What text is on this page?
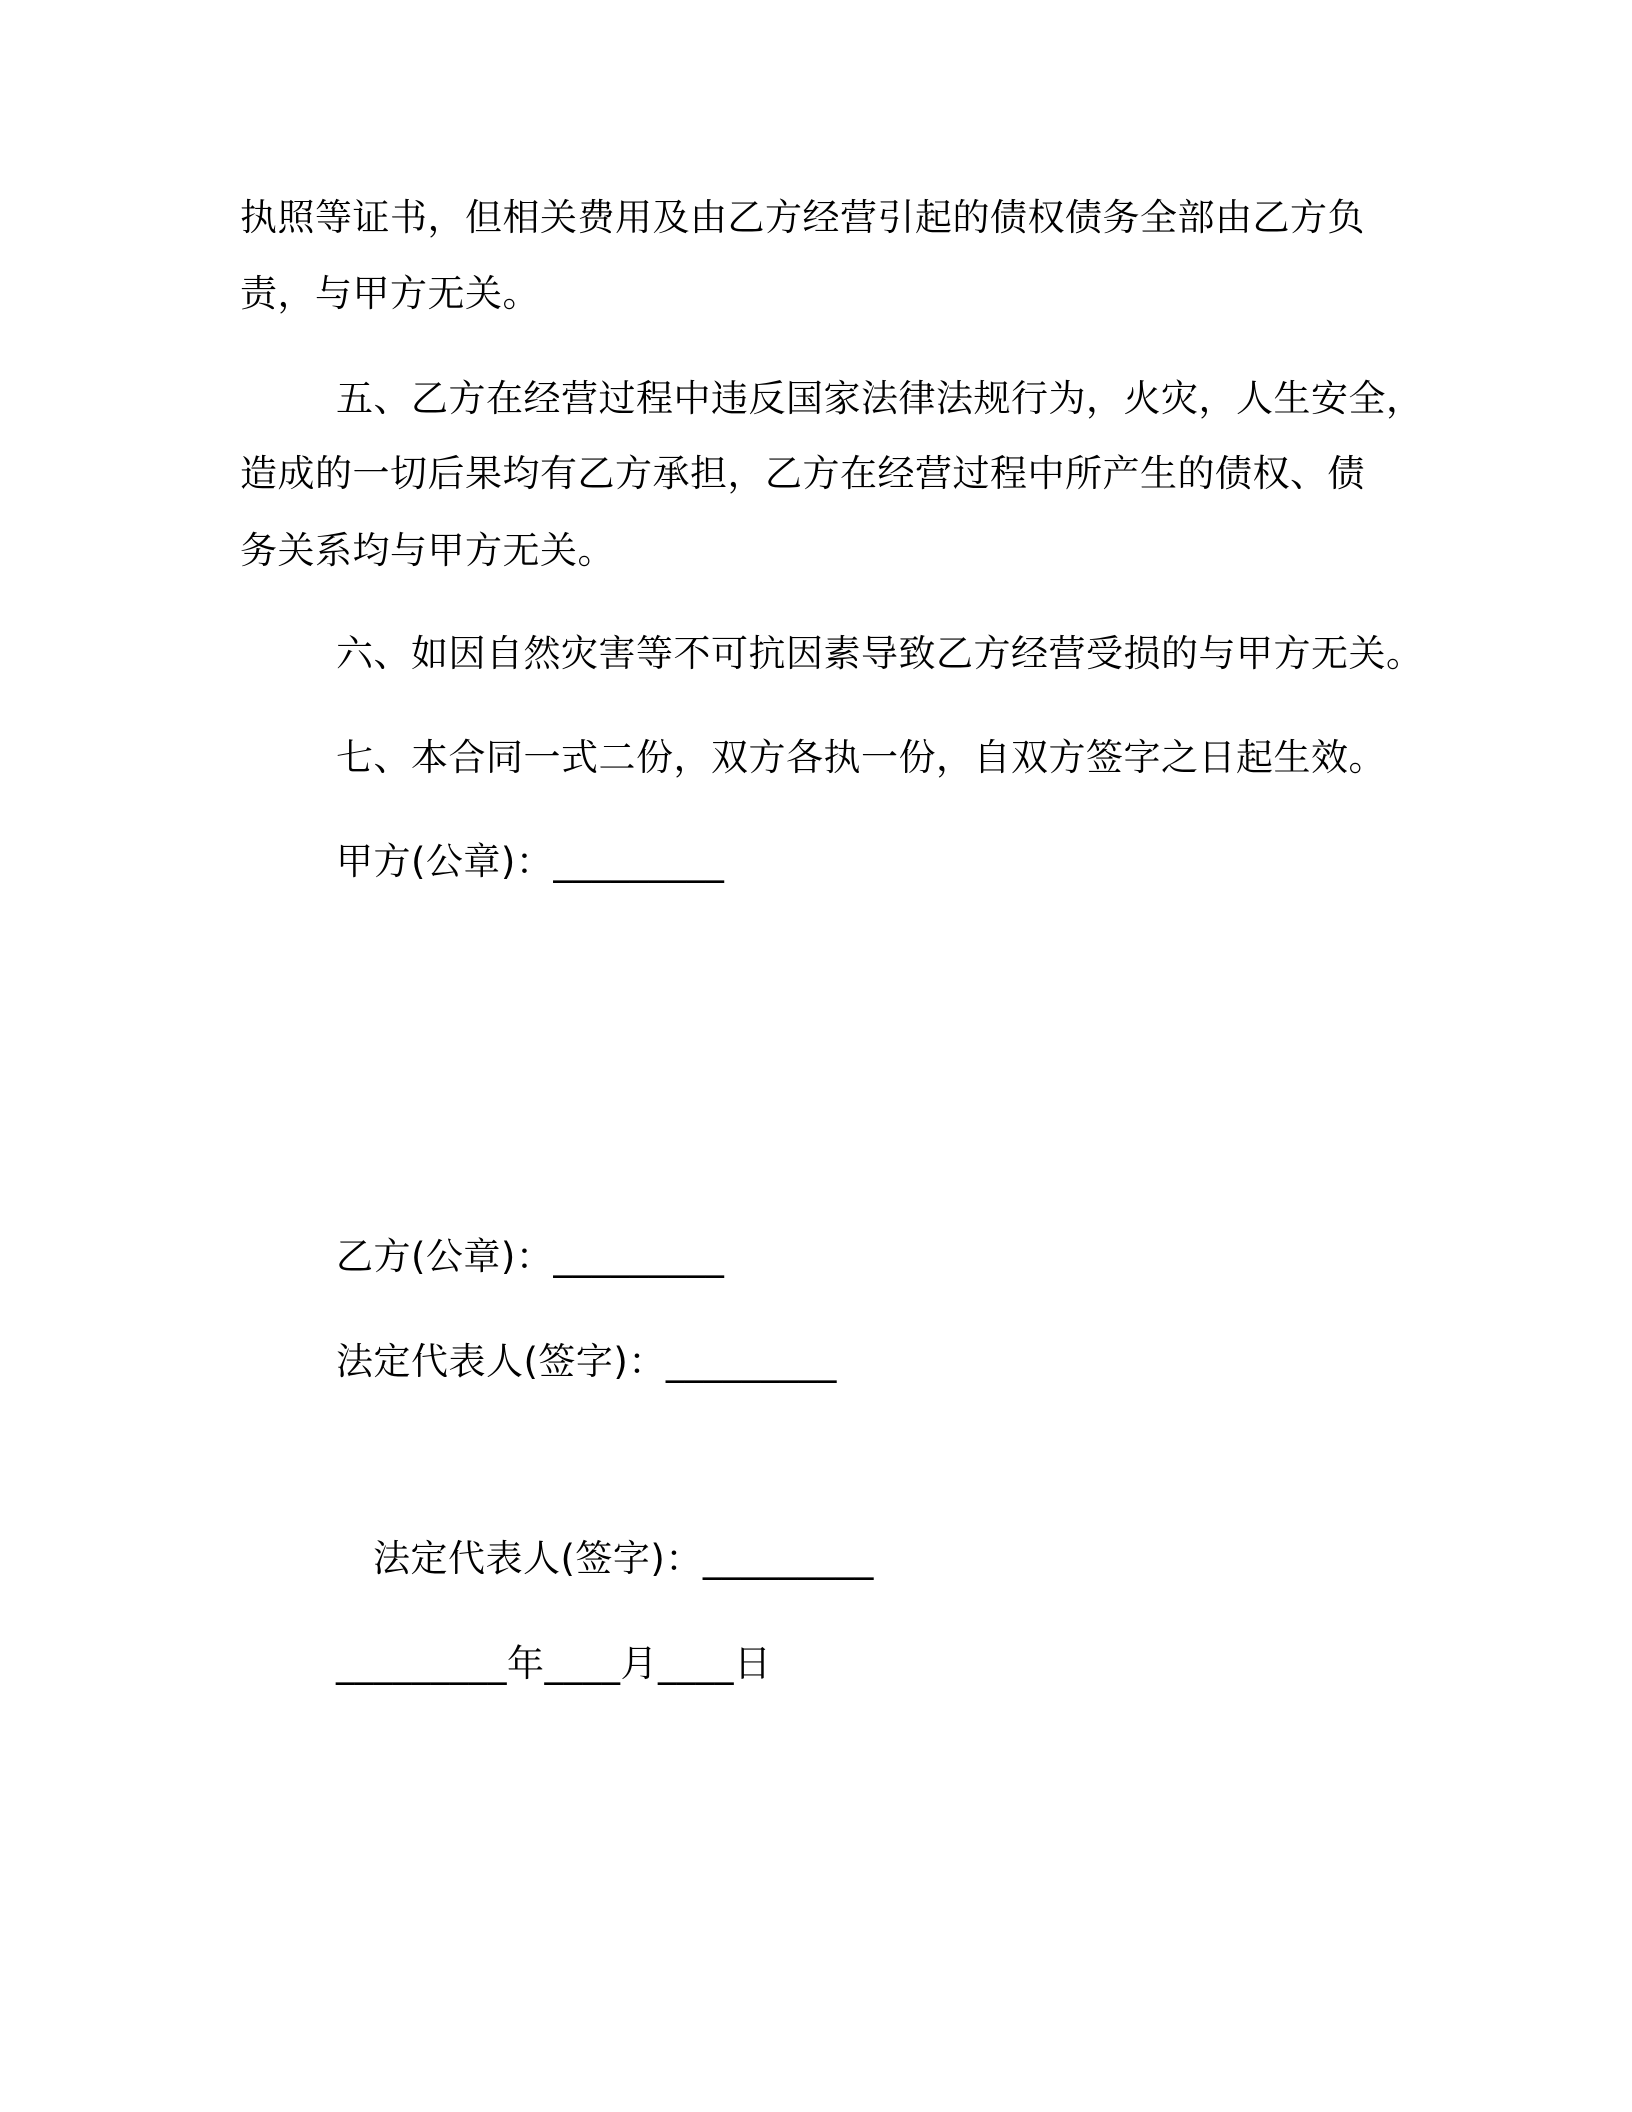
执照等证书，但相关费用及由乙方经营引起的债权债务全部由乙方负

责，与甲方无关。

五、乙方在经营过程中违反国家法律法规行为，火灾，人生安全，

造成的一切后果均有乙方承担，乙方在经营过程中所产生的债权、债

务关系均与甲方无关。

六、如因自然灾害等不可抗因素导致乙方经营受损的与甲方无关。

七、本合同一式二份，双方各执一份，自双方签字之日起生效。

甲方(公章)：_________

乙方(公章)：_________

法定代表人(签字)：_________

法定代表人(签字)：_________

_________年____月____日
